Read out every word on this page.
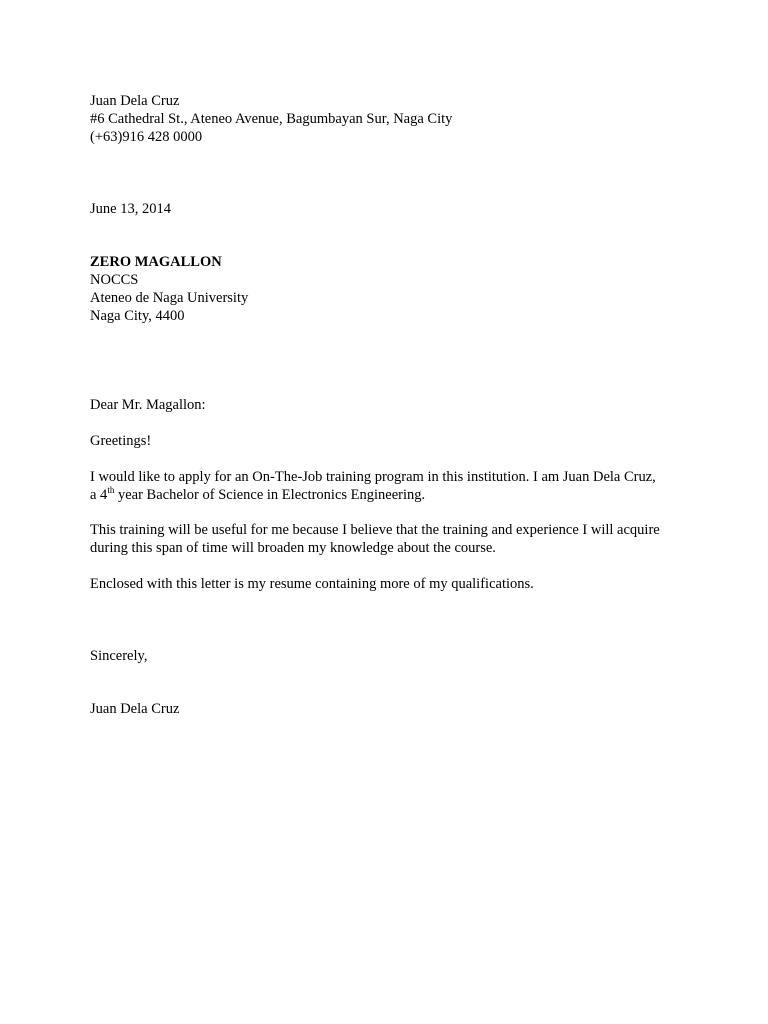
Juan Dela Cruz

#6 Cathedral St., Ateneo Avenue, Bagumbayan Sur, Naga City

(+63)916 428 0000

June 13, 2014

ZERO MAGALLON

NOCCS

Ateneo de Naga University

Naga City, 4400

Dear Mr. Magallon:

Greetings!

I would like to apply for an On-The-Job training program in this institution. I am Juan Dela Cruz,

a 4th year Bachelor of Science in Electronics Engineering.

This training will be useful for me because I believe that the training and experience I will acquire

during this span of time will broaden my knowledge about the course.

Enclosed with this letter is my resume containing more of my qualifications.

Sincerely,

Juan Dela Cruz
